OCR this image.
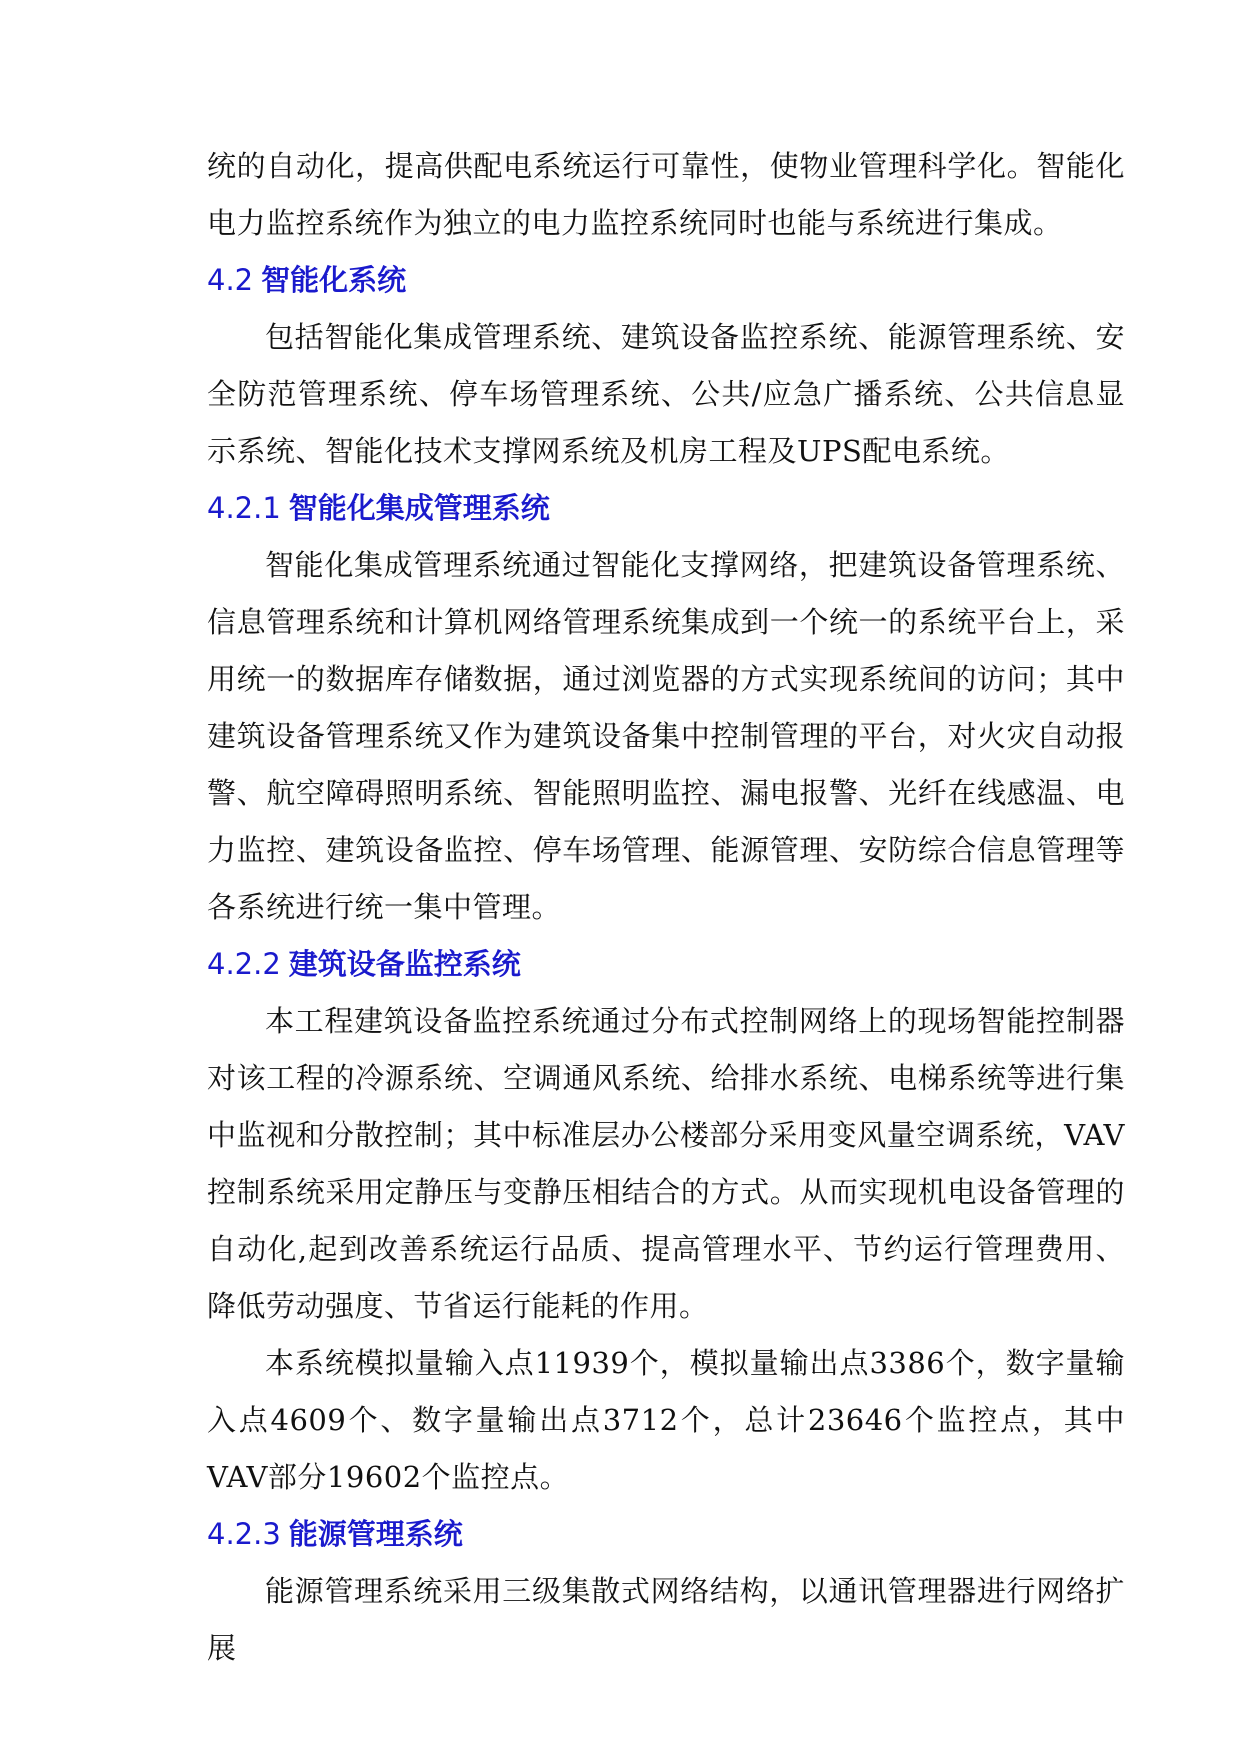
统的自动化，提高供配电系统运行可靠性，使物业管理科学化。智能化电力监控系统作为独立的电力监控系统同时也能与系统进行集成。

4.2 智能化系统

包括智能化集成管理系统、建筑设备监控系统、能源管理系统、安全防范管理系统、停车场管理系统、公共/应急广播系统、公共信息显示系统、智能化技术支撑网系统及机房工程及UPS配电系统。

4.2.1 智能化集成管理系统

智能化集成管理系统通过智能化支撑网络，把建筑设备管理系统、信息管理系统和计算机网络管理系统集成到一个统一的系统平台上，采用统一的数据库存储数据，通过浏览器的方式实现系统间的访问；其中建筑设备管理系统又作为建筑设备集中控制管理的平台，对火灾自动报警、航空障碍照明系统、智能照明监控、漏电报警、光纤在线感温、电力监控、建筑设备监控、停车场管理、能源管理、安防综合信息管理等各系统进行统一集中管理。

4.2.2 建筑设备监控系统

本工程建筑设备监控系统通过分布式控制网络上的现场智能控制器对该工程的冷源系统、空调通风系统、给排水系统、电梯系统等进行集中监视和分散控制；其中标准层办公楼部分采用变风量空调系统，VAV控制系统采用定静压与变静压相结合的方式。从而实现机电设备管理的自动化,起到改善系统运行品质、提高管理水平、节约运行管理费用、降低劳动强度、节省运行能耗的作用。

本系统模拟量输入点11939个，模拟量输出点3386个，数字量输入点4609个、数字量输出点3712个，总计23646个监控点，其中VAV部分19602个监控点。

4.2.3 能源管理系统

能源管理系统采用三级集散式网络结构，以通讯管理器进行网络扩展
